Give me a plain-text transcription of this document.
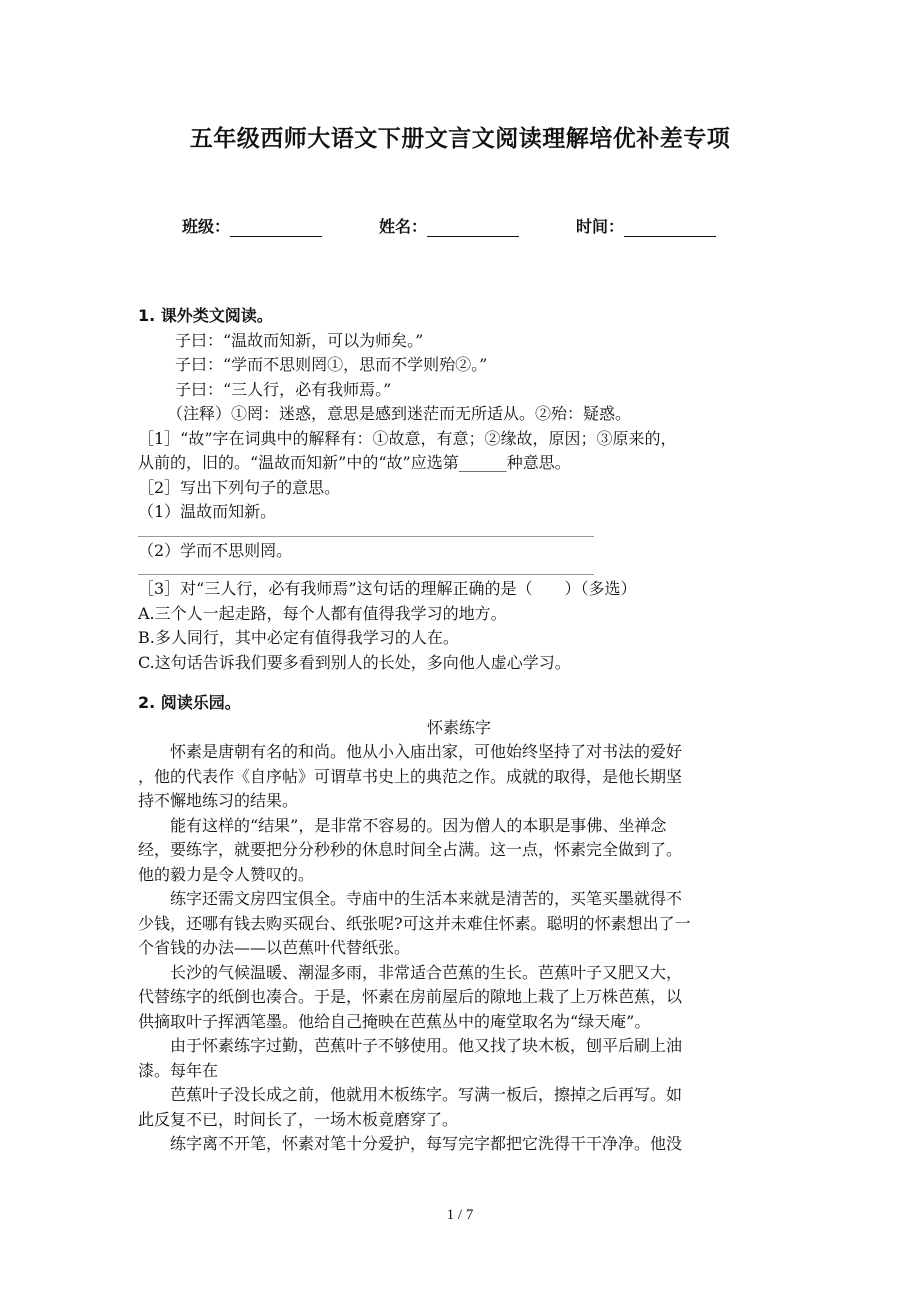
五年级西师大语文下册文言文阅读理解培优补差专项
班级：	姓名：	时间：
1. 课外类文阅读。
子曰：“温故而知新，可以为师矣。”
子曰：“学而不思则罔①，思而不学则殆②。”
子曰：“三人行，必有我师焉。”
（注释）①罔：迷惑，意思是感到迷茫而无所适从。②殆：疑惑。
［1］“故”字在词典中的解释有：①故意，有意；②缘故，原因；③原来的，
从前的，旧的。“温故而知新”中的“故”应选第______种意思。
［2］写出下列句子的意思。
（1）温故而知新。
（2）学而不思则罔。
［3］对“三人行，必有我师焉”这句话的理解正确的是（　　）（多选）
A.三个人一起走路，每个人都有值得我学习的地方。
B.多人同行，其中必定有值得我学习的人在。
C.这句话告诉我们要多看到别人的长处，多向他人虚心学习。
2. 阅读乐园。
怀素练字
　　怀素是唐朝有名的和尚。他从小入庙出家，可他始终坚持了对书法的爱好
，他的代表作《自序帖》可谓草书史上的典范之作。成就的取得，是他长期坚
持不懈地练习的结果。
　　能有这样的“结果”，是非常不容易的。因为僧人的本职是事佛、坐禅念
经，要练字，就要把分分秒秒的休息时间全占满。这一点，怀素完全做到了。
他的毅力是令人赞叹的。
　　练字还需文房四宝俱全。寺庙中的生活本来就是清苦的，买笔买墨就得不
少钱，还哪有钱去购买砚台、纸张呢?可这并未难住怀素。聪明的怀素想出了一
个省钱的办法——以芭蕉叶代替纸张。
　　长沙的气候温暖、潮湿多雨，非常适合芭蕉的生长。芭蕉叶子又肥又大，
代替练字的纸倒也凑合。于是，怀素在房前屋后的隙地上栽了上万株芭蕉，以
供摘取叶子挥洒笔墨。他给自己掩映在芭蕉丛中的庵堂取名为“绿天庵”。
　　由于怀素练字过勤，芭蕉叶子不够使用。他又找了块木板，刨平后刷上油
漆。每年在
　　芭蕉叶子没长成之前，他就用木板练字。写满一板后，擦掉之后再写。如
此反复不已，时间长了，一场木板竟磨穿了。
　　练字离不开笔，怀素对笔十分爱护，每写完字都把它洗得干干净净。他没
1 / 7
